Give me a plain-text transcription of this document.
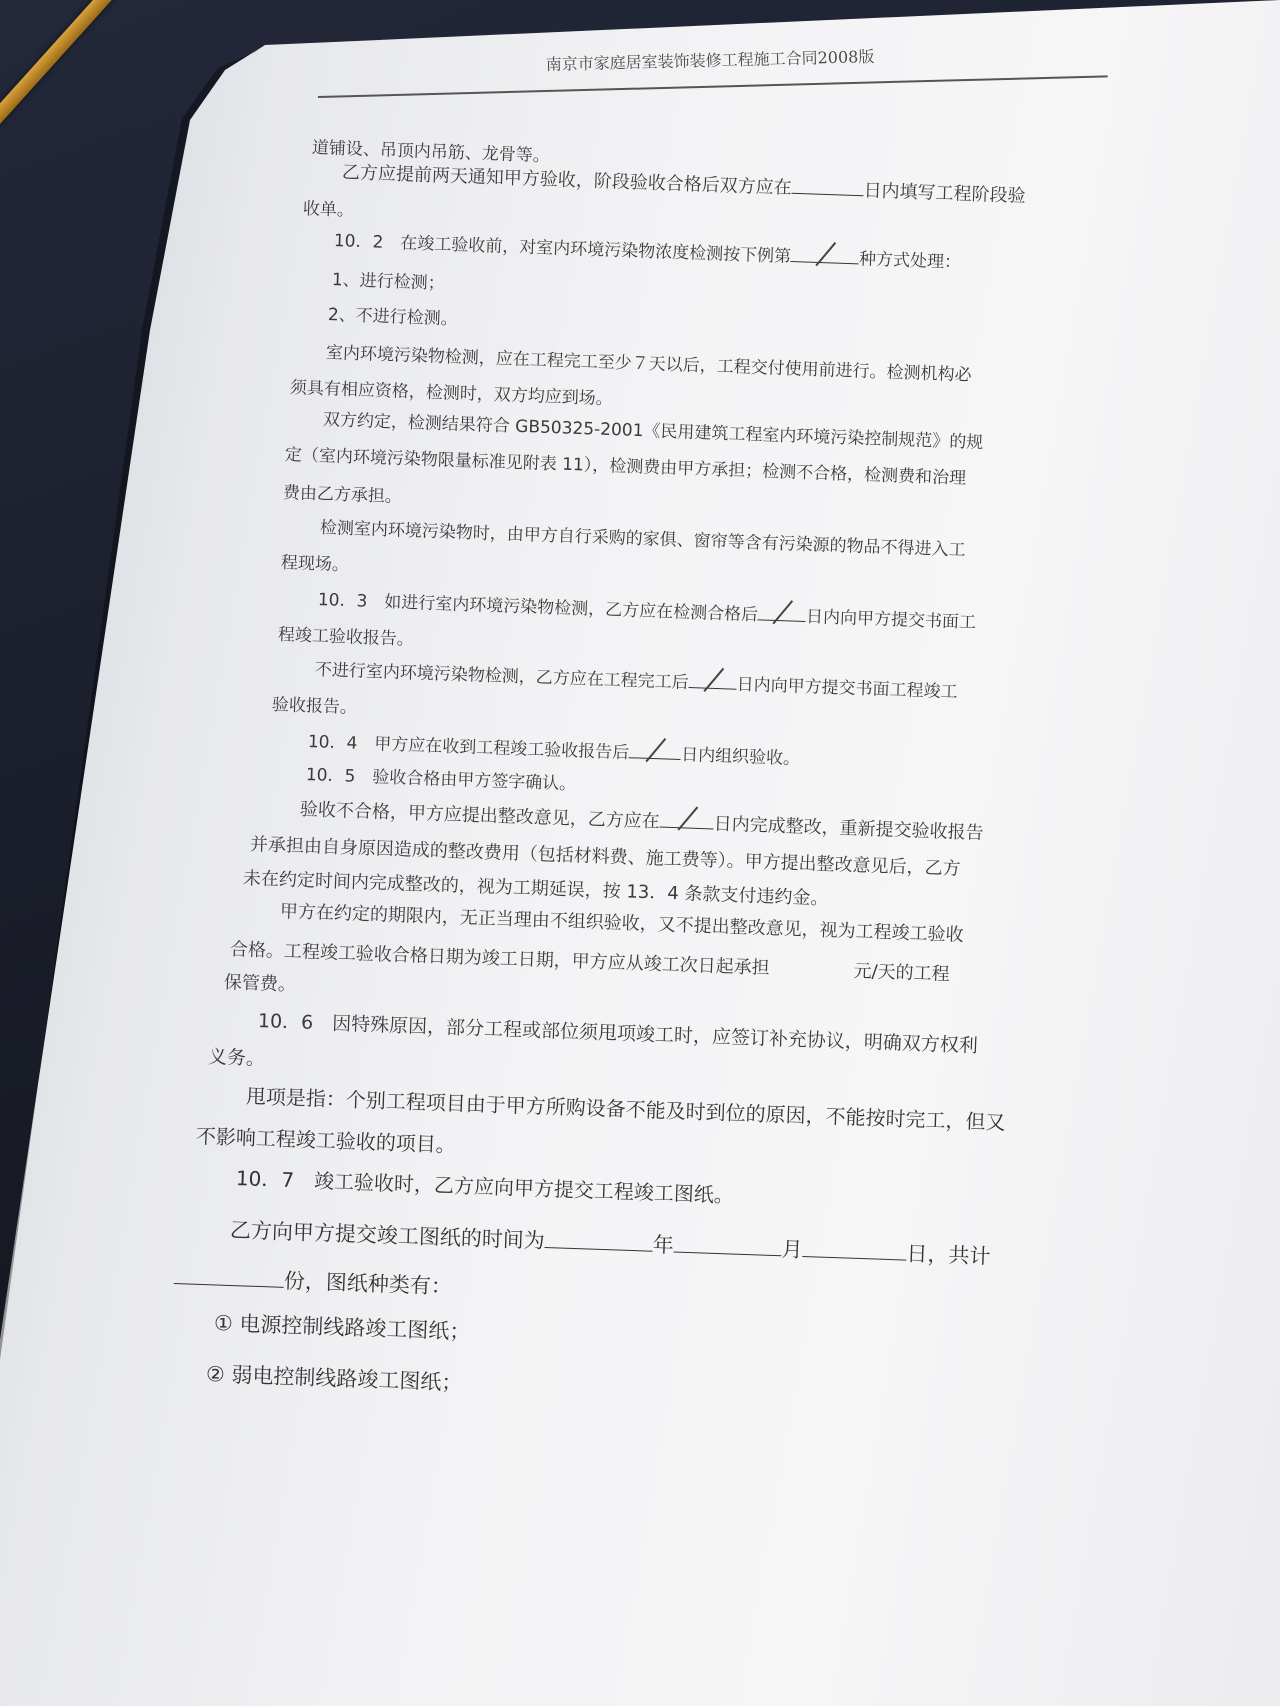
南京市家庭居室装饰装修工程施工合同2008版
道铺设、吊顶内吊筋、龙骨等。
乙方应提前两天通知甲方验收，阶段验收合格后双方应在	日内填写工程阶段验
收单。
10．2　在竣工验收前，对室内环境污染物浓度检测按下例第	种方式处理：
1、进行检测；
2、不进行检测。
室内环境污染物检测，应在工程完工至少７天以后，工程交付使用前进行。检测机构必
须具有相应资格，检测时，双方均应到场。
双方约定，检测结果符合 GB50325-2001《民用建筑工程室内环境污染控制规范》的规
定（室内环境污染物限量标准见附表 11），检测费由甲方承担；检测不合格，检测费和治理
费由乙方承担。
检测室内环境污染物时，由甲方自行采购的家俱、窗帘等含有污染源的物品不得进入工
程现场。
10．3　如进行室内环境污染物检测，乙方应在检测合格后	日内向甲方提交书面工
程竣工验收报告。
不进行室内环境污染物检测，乙方应在工程完工后	日内向甲方提交书面工程竣工
验收报告。
10．4　甲方应在收到工程竣工验收报告后	日内组织验收。
10．5　验收合格由甲方签字确认。
验收不合格，甲方应提出整改意见，乙方应在	日内完成整改，重新提交验收报告
并承担由自身原因造成的整改费用（包括材料费、施工费等）。甲方提出整改意见后，乙方
未在约定时间内完成整改的，视为工期延误，按 13．4 条款支付违约金。
甲方在约定的期限内，无正当理由不组织验收，又不提出整改意见，视为工程竣工验收
合格。工程竣工验收合格日期为竣工日期，甲方应从竣工次日起承担	元/天的工程
保管费。
10．6　因特殊原因，部分工程或部位须甩项竣工时，应签订补充协议，明确双方权利
义务。
甩项是指：个别工程项目由于甲方所购设备不能及时到位的原因，不能按时完工，但又
不影响工程竣工验收的项目。
10．7　竣工验收时，乙方应向甲方提交工程竣工图纸。
乙方向甲方提交竣工图纸的时间为	年	月	日，共计
份，图纸种类有：
① 电源控制线路竣工图纸；
② 弱电控制线路竣工图纸；
